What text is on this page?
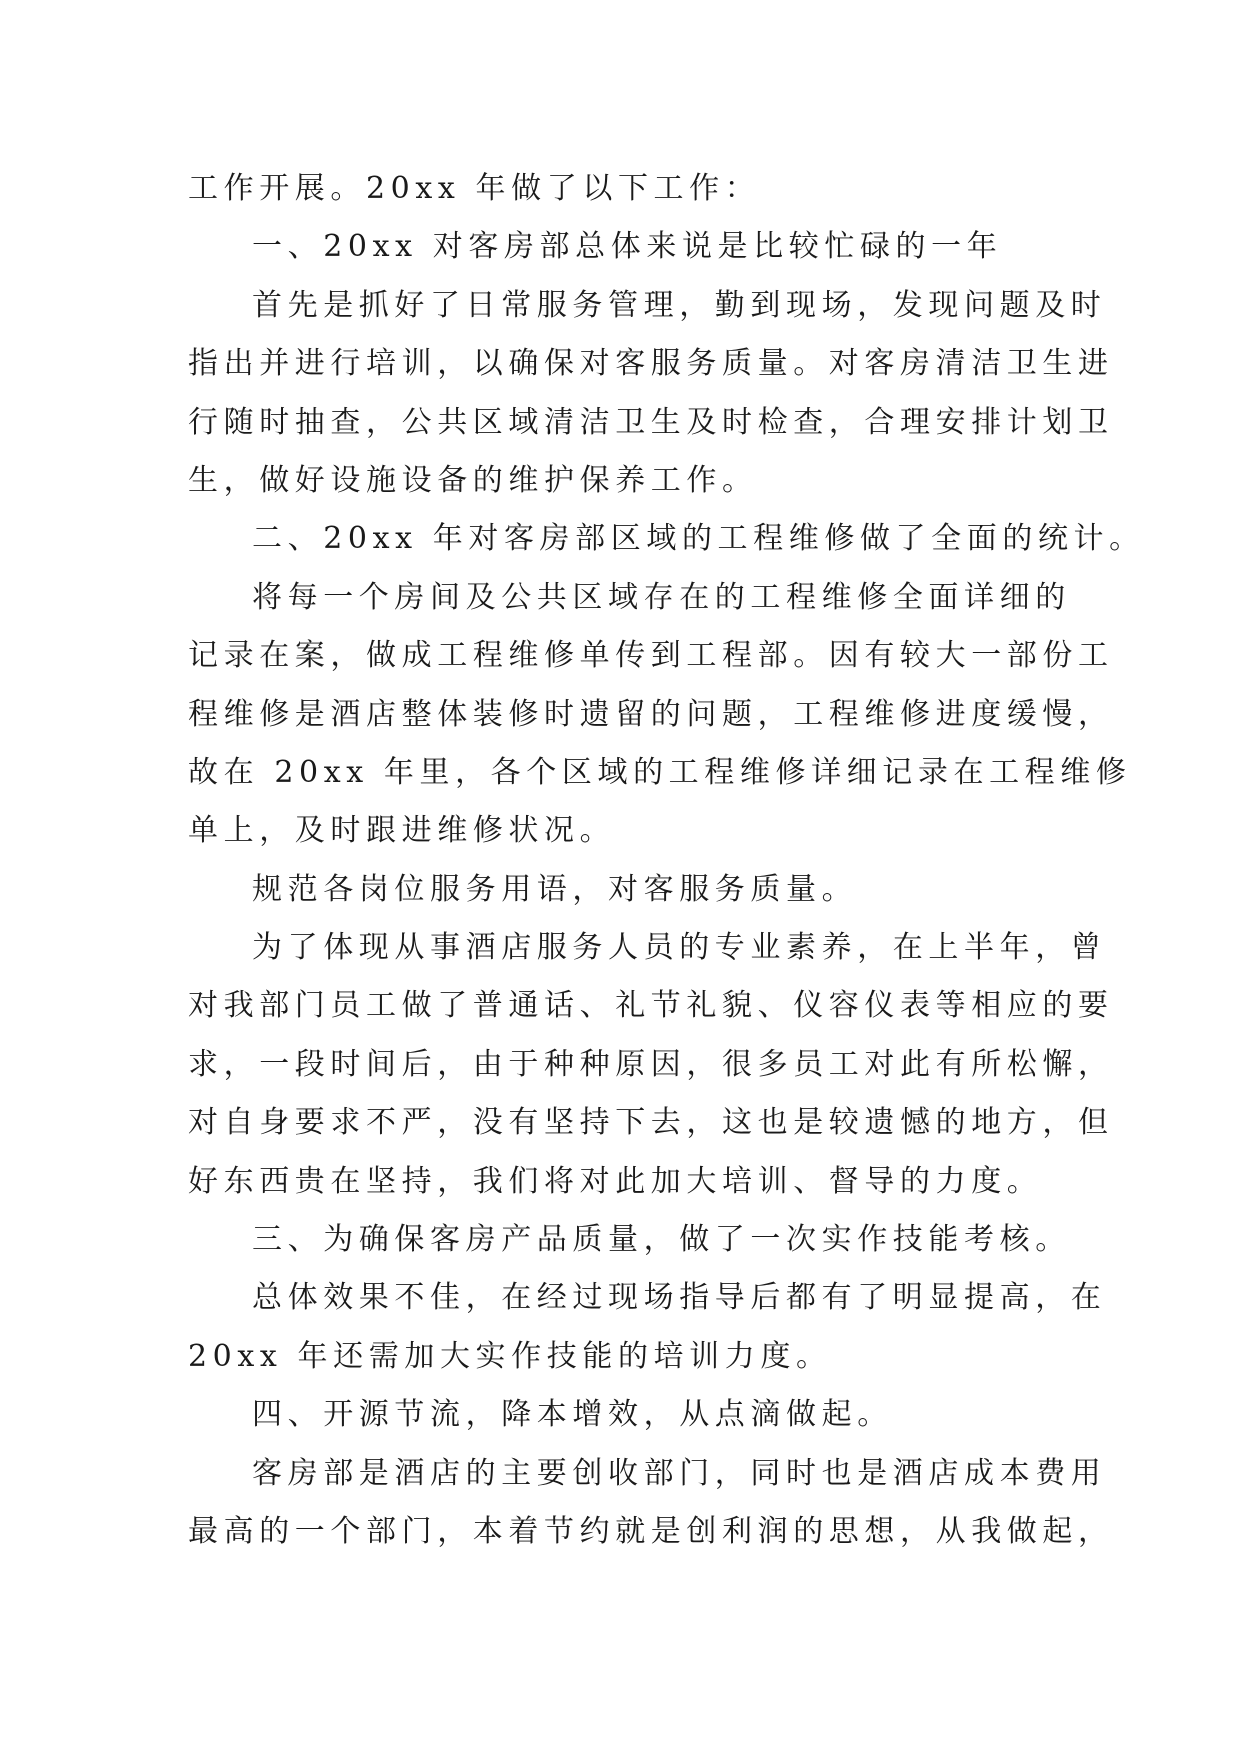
工作开展。20xx 年做了以下工作：
一、20xx 对客房部总体来说是比较忙碌的一年
首先是抓好了日常服务管理，勤到现场，发现问题及时
指出并进行培训，以确保对客服务质量。对客房清洁卫生进
行随时抽查，公共区域清洁卫生及时检查，合理安排计划卫
生，做好设施设备的维护保养工作。
二、20xx 年对客房部区域的工程维修做了全面的统计。
将每一个房间及公共区域存在的工程维修全面详细的
记录在案，做成工程维修单传到工程部。因有较大一部份工
程维修是酒店整体装修时遗留的问题，工程维修进度缓慢，
故在 20xx 年里，各个区域的工程维修详细记录在工程维修
单上，及时跟进维修状况。
规范各岗位服务用语，对客服务质量。
为了体现从事酒店服务人员的专业素养，在上半年，曾
对我部门员工做了普通话、礼节礼貌、仪容仪表等相应的要
求，一段时间后，由于种种原因，很多员工对此有所松懈，
对自身要求不严，没有坚持下去，这也是较遗憾的地方，但
好东西贵在坚持，我们将对此加大培训、督导的力度。
三、为确保客房产品质量，做了一次实作技能考核。
总体效果不佳，在经过现场指导后都有了明显提高，在
20xx 年还需加大实作技能的培训力度。
四、开源节流，降本增效，从点滴做起。
客房部是酒店的主要创收部门，同时也是酒店成本费用
最高的一个部门，本着节约就是创利润的思想，从我做起，
